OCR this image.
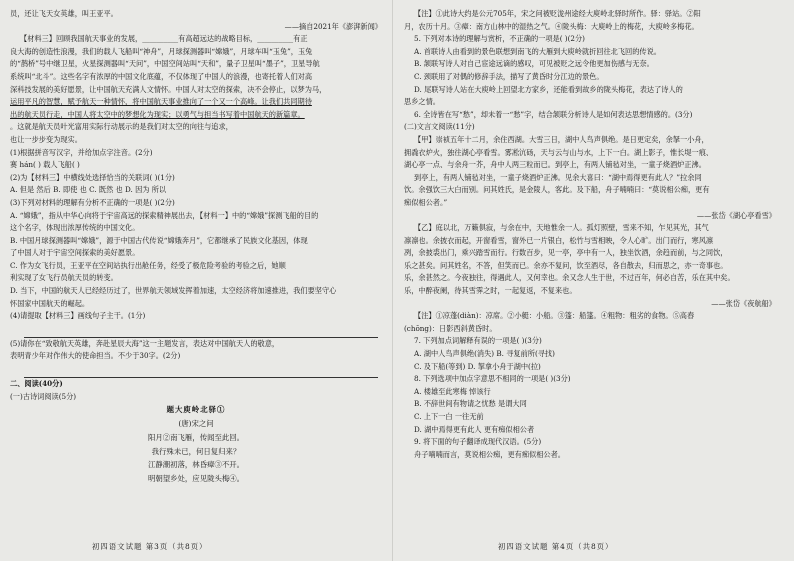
员，还让飞天女英雄，叫王亚平。
——摘自2021年《澎湃新闻》
【材料三】回顾我国航天事业的发展，__________有高超远达的战略目标，__________有正
良大海的创造性浪漫，我们的载人飞船叫“神舟”，月球探测器叫“嫦娥”，月球车叫“玉兔”，玉兔
的“鹊桥”号中继卫星，火星探测器叫“天问”，中国空间站叫“天和”，量子卫星叫“墨子”，卫星导航
系统叫“北斗”。这些名字有浓厚的中国文化底蕴，不仅体现了中国人的浪漫，也寄托着人们对高
深科技发展的美好愿景，让中国航天充满人文情怀。中国人对太空的探索，决不会停止，以梦为马，
运用平凡的智慧，赋予航天一种情怀，将中国航天事业推向了一个又一个高峰。让我们共同期待
出的航天员行走，中国人将太空中的梦想化为现实；以勇气与担当书写着中国航天的新篇章。
。这就是航天员叶光富用实际行动展示的是我们对太空的向往与追求，
也让一步步变为现实。
(1)根据拼音写汉字，并给加点字注音。(2分)
赛 hán( ) 载人飞船( )
(2)为【材料三】中横线处选择恰当的关联词( )(1分)
A. 但是 然后 B. 即使 也 C. 既然 也 D. 因为 所以
(3)下列对材料的理解有分析不正确的一项是( )(2分)
A. “嫦娥”，指从中华心向将于宇宙高远的探索精神展出去，【材料一】中的“嫦娥”探测飞船的目的
这个名字，体现出浓厚传统的中国文化。
B. 中国月球探测器叫“嫦娥”，源于中国古代传说“嫦娥奔月”，它都继承了民族文化基因，体现
了中国人对于宇宙空间探索的美好愿景。
C. 作为女飞行员，王亚平在空间站执行出舱任务，经受了极危险考验的考验之后，她顺
利实现了女飞行员航天员的转变。
D. 当下，中国的航天人已经经历过了，世界航天领域发挥着加速，太空经济将加速推进，我们要坚守心
怀国家中国航天的崛起。
(4)请提取【材料三】画线句子主干。(1分)
(5)请你在“致敬航天英雄，奔赴星辰大海”这一主题发言，表达对中国航天人的敬意，
表明青少年对作伟大的使命担当。不少于30字。(2分)
二、阅读(40分)
(一)古诗词阅读(5分)
题大庾岭北驿①
(唐)宋之问
阳月②南飞雁，传闻至此回。
我行殊未已，何日复归来？
江静潮初落，林昏瘴③不开。
明朝望乡处，应见陇头梅④。
【注】①此诗大约是公元705年，宋之问被贬泷州途经大庾岭北驿时所作。驿：驿站。②阳
月，农历十月。③瘴：南方山林中的湿热之气。④陇头梅：大庾岭上的梅花，大庾岭多梅花。
5. 下列对本诗的理解与赏析，不正确的一项是( )(2分)
A. 首联诗人由看到的景色联想到南飞的大雁到大庾岭就折回往北飞回的传说。
B. 颔联写诗人对自己宦途远谪的感叹，可见被贬之远令他更加伤感与无奈。
C. 颈联用了对偶的修辞手法，描写了黄昏时分江边的景色。
D. 尾联写诗人站在大庾岭上回望北方家乡，还能看到故乡的陇头梅花，表达了诗人的
思乡之情。
6. 全诗皆在写“愁”，却未着一“愁”字，结合颔联分析诗人是如何表达思想情感的。(3分)
(二)文言文阅读(11分)
【甲】崇祯五年十二月，余住西湖。大雪三日，湖中人鸟声俱绝。是日更定矣，余拏一小舟，
拥毳衣炉火，独往湖心亭看雪。雾凇沆砀，天与云与山与水，上下一白。湖上影子，惟长堤一痕、
湖心亭一点、与余舟一芥，舟中人两三粒而已。到亭上，有两人铺毡对坐，一童子烧酒炉正沸。
到亭上，有两人铺毡对坐，一童子烧酒炉正沸。见余大喜曰：“湖中焉得更有此人？”拉余同
饮。余强饮三大白而别。问其姓氏，是金陵人，客此。及下船，舟子喃喃曰：“莫说相公痴，更有
痴似相公者。”
——张岱《湖心亭看雪》
【乙】庭以北，万籁俱寂，与余在中，天地惟余一人。孤灯照壁，雪来不知，乍见其光，其气
凛凛也。余披衣而起，开窗看雪，窗外已一片银白，松竹与雪相映，令人心旷。出门而行，寒风凛
冽，余披裘出门，乘兴踏雪而行。行数百步，见一亭，亭中有一人，独坐饮酒，余趋而前，与之同饮，
乐之甚矣。问其姓名，不答，但笑而已。余亦不复问，饮至酒尽，各自散去，归而思之，亦一奇事也。
乐，余甚然之。今夜独往，得遇此人，又何幸也。余又念人生于世，不过百年，何必自苦，乐在其中矣。
乐，中醉夜阑，待其雪霁之时，一起复返，不复来也。
——张岱《夜航船》
【注】①凉蓬(diàn)：凉席。②小艇：小船。③篷：船篷。④粗物：粗劣的食物。⑤高舂
(chōng)：日影西斜黄昏时。
7. 下列加点词解释有误的一项是( )(3分)
A. 湖中人鸟声俱绝(消失) B. 寻复前所(寻找)
C. 及下船(等到) D. 挐拿小舟于湖中(拉)
8. 下列选项中加点字意思不相同的一项是( )(3分)
A. 楼雄至此寒梅 悼该行
B. 不辞世间有物请之忧愁 是谓大同
C. 上下一白 一往无前
D. 湖中焉得更有此人 更有痴似相公者
9. 将下面的句子翻译成现代汉语。(5分)
舟子喃喃而言，莫说相公痴，更有痴似相公者。
初四语文试题 第3页（共8页）	初四语文试题 第4页（共8页）
